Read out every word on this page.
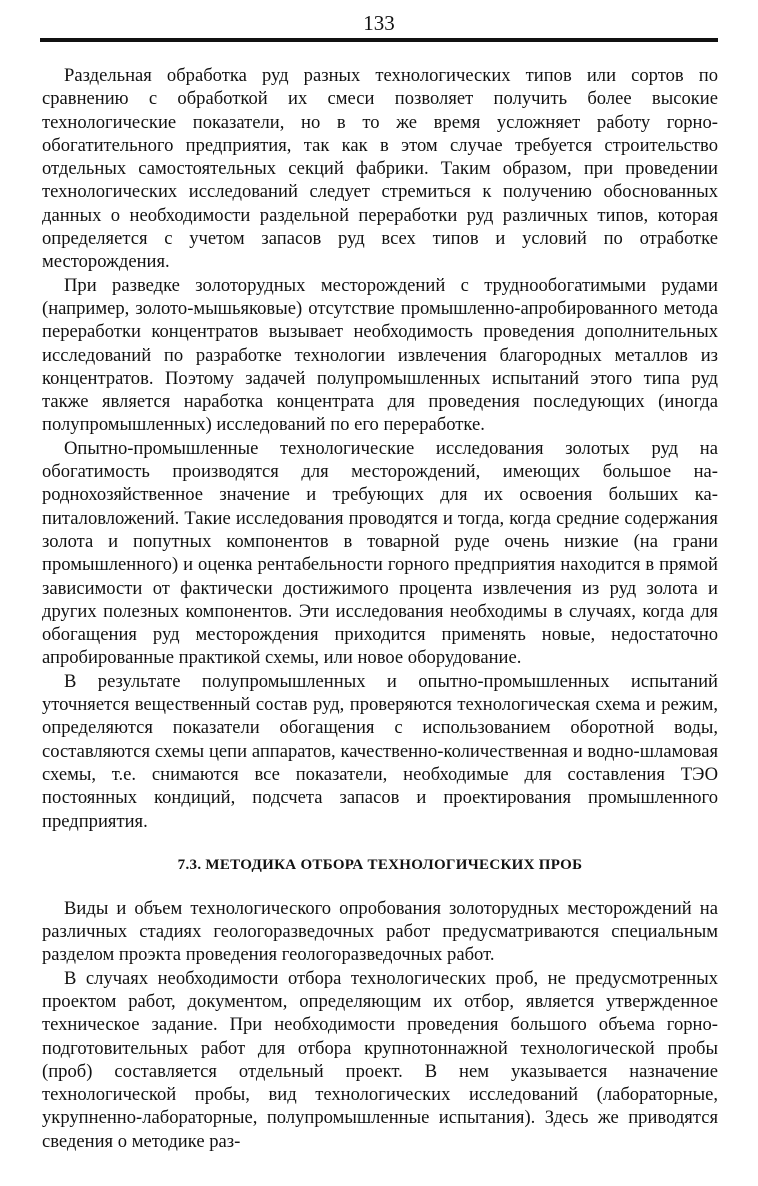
133

Раздельная обработка руд разных технологических типов или сортов по сравнению с обработкой их смеси позволяет получить более высокие технологические показатели, но в то же время усложняет работу горнообогатительного предприятия, так как в этом случае требуется строительство отдельных самостоятельных секций фабрики. Таким образом, при проведении технологических исследований следует стремиться к получению обоснованных данных о необходимости раздельной переработки руд различных типов, которая определяется с учетом запасов руд всех типов и условий по отработке месторождения.

При разведке золоторудных месторождений с труднообогатимыми рудами (например, золото-мышьяковые) отсутствие промышленно-апробированного метода переработки концентратов вызывает необходимость проведения дополнительных исследований по разработке технологии извлечения благородных металлов из концентратов. Поэтому задачей полупромышленных испытаний этого типа руд также является наработка концентрата для проведения последующих (иногда полупромышленных) исследований по его переработке.

Опытно-промышленные технологические исследования золотых руд на обогатимость производятся для месторождений, имеющих большое народнохозяйственное значение и требующих для их освоения больших капиталовложений. Такие исследования проводятся и тогда, когда средние содержания золота и попутных компонентов в товарной руде очень низкие (на грани промышленного) и оценка рентабельности горного предприятия находится в прямой зависимости от фактически достижимого процента извлечения из руд золота и других полезных компонентов. Эти исследования необходимы в случаях, когда для обогащения руд месторождения приходится применять новые, недостаточно апробированные практикой схемы, или новое оборудование.

В результате полупромышленных и опытно-промышленных испытаний уточняется вещественный состав руд, проверяются технологическая схема и режим, определяются показатели обогащения с использованием оборотной воды, составляются схемы цепи аппаратов, качественно-количественная и водно-шламовая схемы, т.е. снимаются все показатели, необходимые для составления ТЭО постоянных кондиций, подсчета запасов и проектирования промышленного предприятия.

7.3. МЕТОДИКА ОТБОРА ТЕХНОЛОГИЧЕСКИХ ПРОБ

Виды и объем технологического опробования золоторудных месторождений на различных стадиях геологоразведочных работ предусматриваются специальным разделом проэкта проведения геологоразведочных работ.

В случаях необходимости отбора технологических проб, не предусмотренных проектом работ, документом, определяющим их отбор, является утвержденное техническое задание. При необходимости проведения большого объема горно-подготовительных работ для отбора крупнотоннажной технологической пробы (проб) составляется отдельный проект. В нем указывается назначение технологической пробы, вид технологических исследований (лабораторные, укрупненно-лабораторные, полупромышленные испытания). Здесь же приводятся сведения о методике раз-
